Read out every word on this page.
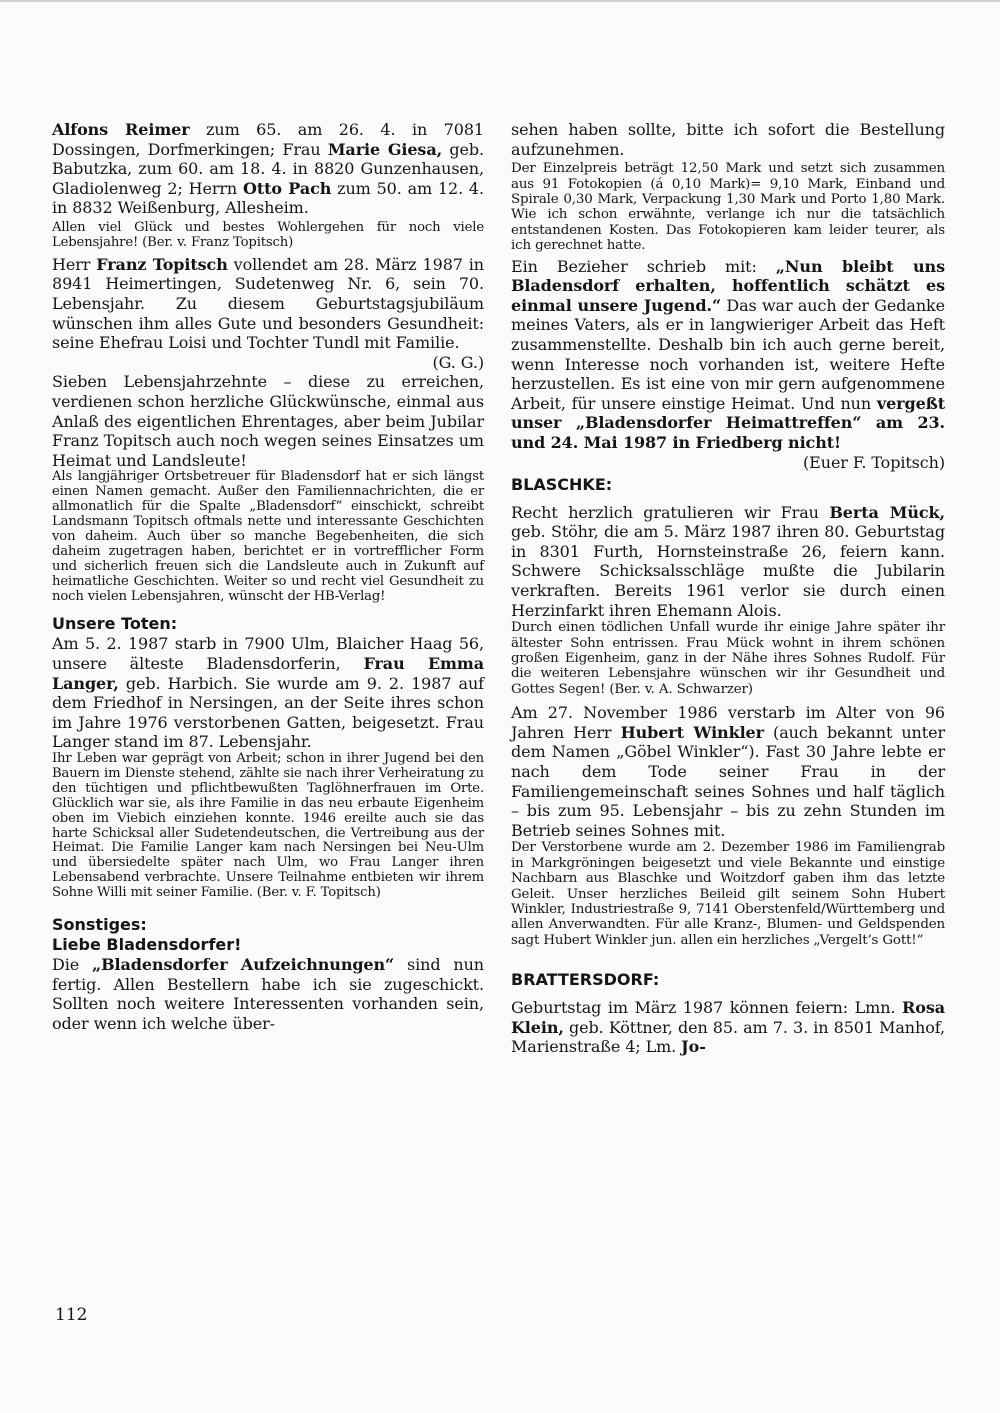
Alfons Reimer zum 65. am 26. 4. in 7081 Dossingen, Dorfmerkingen; Frau Marie Giesa, geb. Babutzka, zum 60. am 18. 4. in 8820 Gunzenhausen, Gladiolenweg 2; Herrn Otto Pach zum 50. am 12. 4. in 8832 Weißenburg, Allesheim.

Allen viel Glück und bestes Wohlergehen für noch viele Lebensjahre! (Ber. v. Franz Topitsch)

Herr Franz Topitsch vollendet am 28. März 1987 in 8941 Heimertingen, Sudetenweg Nr. 6, sein 70. Lebensjahr. Zu diesem Geburtstagsjubiläum wünschen ihm alles Gute und besonders Gesundheit: seine Ehefrau Loisi und Tochter Tundl mit Familie.
(G. G.)

Sieben Lebensjahrzehnte – diese zu erreichen, verdienen schon herzliche Glückwünsche, einmal aus Anlaß des eigentlichen Ehrentages, aber beim Jubilar Franz Topitsch auch noch wegen seines Einsatzes um Heimat und Landsleute!

Als langjähriger Ortsbetreuer für Bladensdorf hat er sich längst einen Namen gemacht. Außer den Familiennachrichten, die er allmonatlich für die Spalte „Bladensdorf“ einschickt, schreibt Landsmann Topitsch oftmals nette und interessante Geschichten von daheim. Auch über so manche Begebenheiten, die sich daheim zugetragen haben, berichtet er in vortrefflicher Form und sicherlich freuen sich die Landsleute auch in Zukunft auf heimatliche Geschichten. Weiter so und recht viel Gesundheit zu noch vielen Lebensjahren, wünscht der HB-Verlag!

Unsere Toten:

Am 5. 2. 1987 starb in 7900 Ulm, Blaicher Haag 56, unsere älteste Bladensdorferin, Frau Emma Langer, geb. Harbich. Sie wurde am 9. 2. 1987 auf dem Friedhof in Nersingen, an der Seite ihres schon im Jahre 1976 verstorbenen Gatten, beigesetzt. Frau Langer stand im 87. Lebensjahr.

Ihr Leben war geprägt von Arbeit; schon in ihrer Jugend bei den Bauern im Dienste stehend, zählte sie nach ihrer Verheiratung zu den tüchtigen und pflichtbewußten Taglöhnerfrauen im Orte. Glücklich war sie, als ihre Familie in das neu erbaute Eigenheim oben im Viebich einziehen konnte. 1946 ereilte auch sie das harte Schicksal aller Sudetendeutschen, die Vertreibung aus der Heimat. Die Familie Langer kam nach Nersingen bei Neu-Ulm und übersiedelte später nach Ulm, wo Frau Langer ihren Lebensabend verbrachte. Unsere Teilnahme entbieten wir ihrem Sohne Willi mit seiner Familie. (Ber. v. F. Topitsch)

Sonstiges:

Liebe Bladensdorfer!

Die „Bladensdorfer Aufzeichnungen“ sind nun fertig. Allen Bestellern habe ich sie zugeschickt. Sollten noch weitere Interessenten vorhanden sein, oder wenn ich welche über-

sehen haben sollte, bitte ich sofort die Bestellung aufzunehmen.

Der Einzelpreis beträgt 12,50 Mark und setzt sich zusammen aus 91 Fotokopien (á 0,10 Mark)= 9,10 Mark, Einband und Spirale 0,30 Mark, Verpackung 1,30 Mark und Porto 1,80 Mark. Wie ich schon erwähnte, verlange ich nur die tatsächlich entstandenen Kosten. Das Fotokopieren kam leider teurer, als ich gerechnet hatte.

Ein Bezieher schrieb mit: „Nun bleibt uns Bladensdorf erhalten, hoffentlich schätzt es einmal unsere Jugend.“ Das war auch der Gedanke meines Vaters, als er in langwieriger Arbeit das Heft zusammenstellte. Deshalb bin ich auch gerne bereit, wenn Interesse noch vorhanden ist, weitere Hefte herzustellen. Es ist eine von mir gern aufgenommene Arbeit, für unsere einstige Heimat. Und nun vergeßt unser „Bladensdorfer Heimattreffen“ am 23. und 24. Mai 1987 in Friedberg nicht!
(Euer F. Topitsch)

BLASCHKE:

Recht herzlich gratulieren wir Frau Berta Mück, geb. Stöhr, die am 5. März 1987 ihren 80. Geburtstag in 8301 Furth, Hornsteinstraße 26, feiern kann. Schwere Schicksalsschläge mußte die Jubilarin verkraften. Bereits 1961 verlor sie durch einen Herzinfarkt ihren Ehemann Alois.

Durch einen tödlichen Unfall wurde ihr einige Jahre später ihr ältester Sohn entrissen. Frau Mück wohnt in ihrem schönen großen Eigenheim, ganz in der Nähe ihres Sohnes Rudolf. Für die weiteren Lebensjahre wünschen wir ihr Gesundheit und Gottes Segen! (Ber. v. A. Schwarzer)

Am 27. November 1986 verstarb im Alter von 96 Jahren Herr Hubert Winkler (auch bekannt unter dem Namen „Göbel Winkler“). Fast 30 Jahre lebte er nach dem Tode seiner Frau in der Familiengemeinschaft seines Sohnes und half täglich – bis zum 95. Lebensjahr – bis zu zehn Stunden im Betrieb seines Sohnes mit.

Der Verstorbene wurde am 2. Dezember 1986 im Familiengrab in Markgröningen beigesetzt und viele Bekannte und einstige Nachbarn aus Blaschke und Woitzdorf gaben ihm das letzte Geleit. Unser herzliches Beileid gilt seinem Sohn Hubert Winkler, Industriestraße 9, 7141 Oberstenfeld/Württemberg und allen Anverwandten. Für alle Kranz-, Blumen- und Geldspenden sagt Hubert Winkler jun. allen ein herzliches „Vergelt’s Gott!“

BRATTERSDORF:

Geburtstag im März 1987 können feiern: Lmn. Rosa Klein, geb. Köttner, den 85. am 7. 3. in 8501 Manhof, Marienstraße 4; Lm. Jo-

112
